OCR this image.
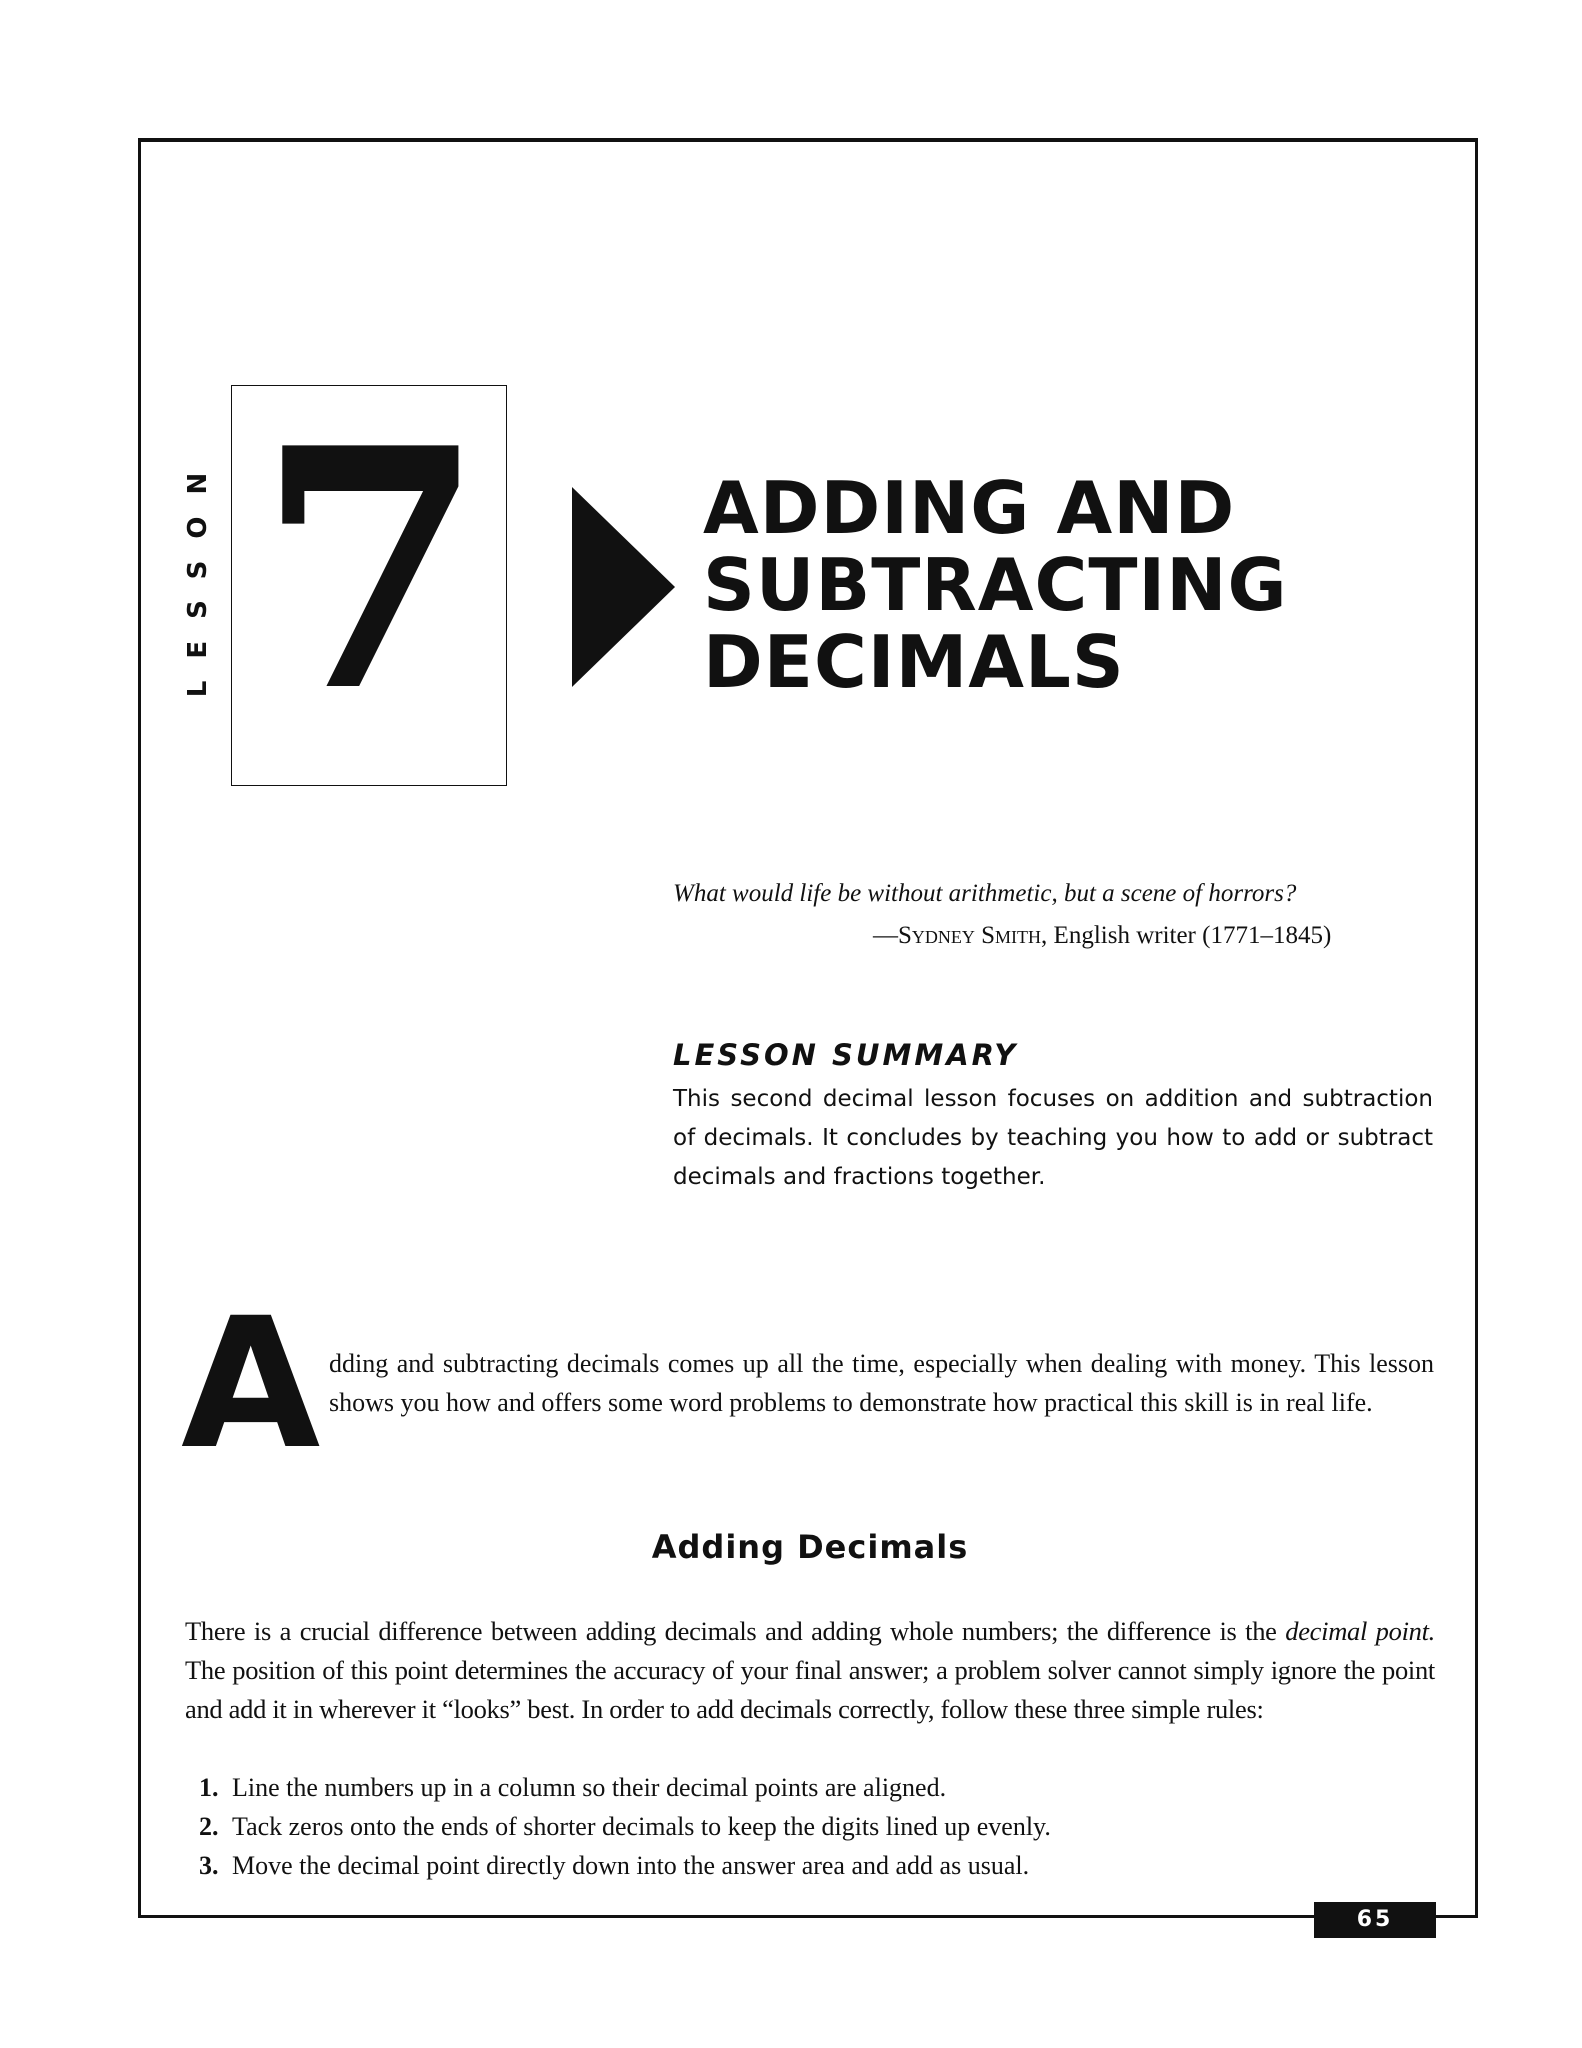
LESSON 7	ADDING AND
SUBTRACTING
DECIMALS
What would life be without arithmetic, but a scene of horrors?
—Sydney Smith, English writer (1771–1845)
LESSON SUMMARY

This second decimal lesson focuses on addition and subtraction of decimals. It concludes by teaching you how to add or subtract decimals and fractions together.

A dding and subtracting decimals comes up all the time, especially when dealing with money. This lesson shows you how and offers some word problems to demonstrate how practical this skill is in real life.

Adding Decimals

There is a crucial difference between adding decimals and adding whole numbers; the difference is the decimal point. The position of this point determines the accuracy of your final answer; a problem solver cannot simply ignore the point and add it in wherever it “looks” best. In order to add decimals correctly, follow these three simple rules:

1. Line the numbers up in a column so their decimal points are aligned.
2. Tack zeros onto the ends of shorter decimals to keep the digits lined up evenly.
3. Move the decimal point directly down into the answer area and add as usual.
65
